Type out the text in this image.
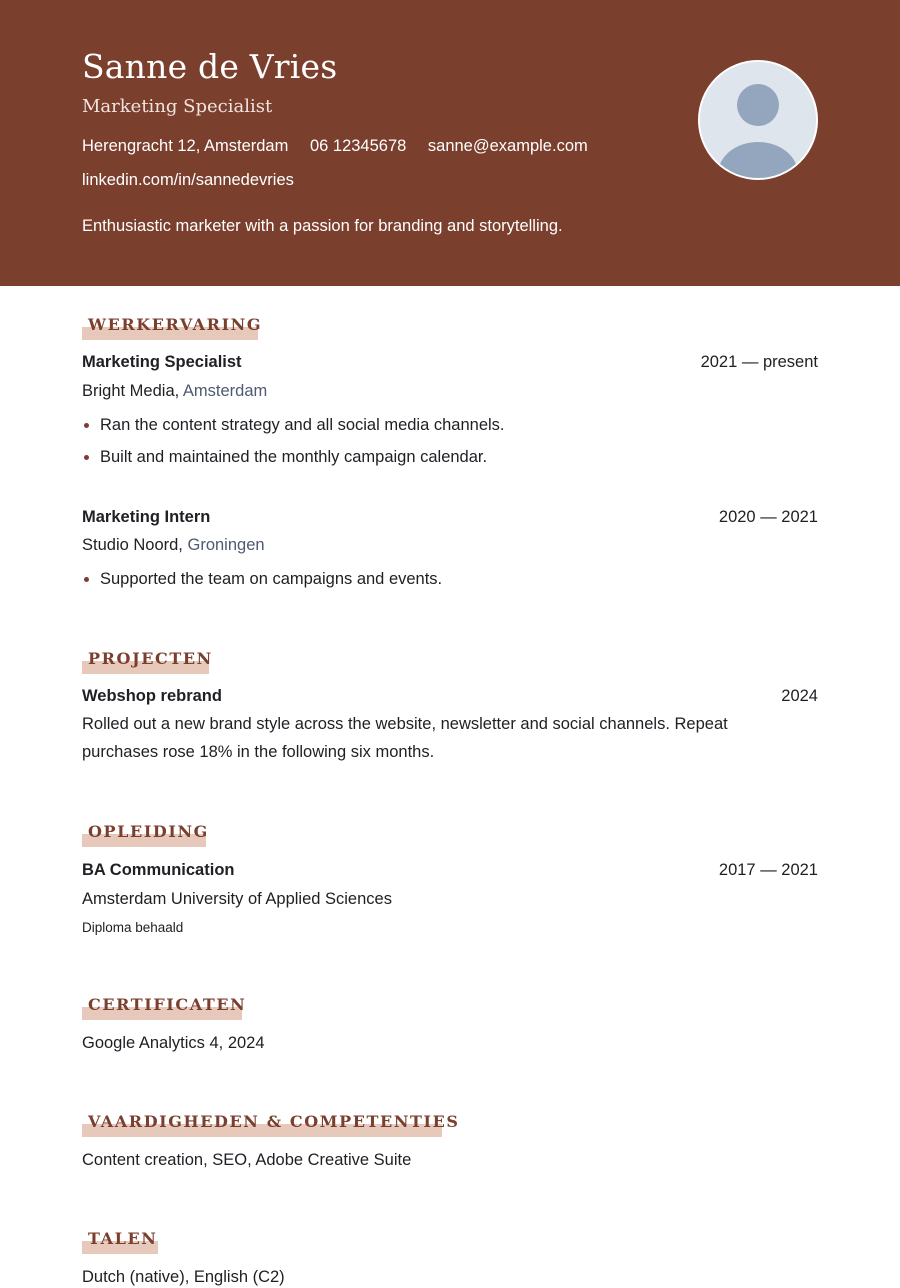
Sanne de Vries
Marketing Specialist
Herengracht 12, Amsterdam 06 12345678 sanne@example.com
linkedin.com/in/sannedevries
Enthusiastic marketer with a passion for branding and storytelling.
WERKERVARING
Marketing Specialist	2021 — present
Bright Media, Amsterdam
Ran the content strategy and all social media channels.
Built and maintained the monthly campaign calendar.
Marketing Intern	2020 — 2021
Studio Noord, Groningen
Supported the team on campaigns and events.
PROJECTEN
Webshop rebrand	2024
Rolled out a new brand style across the website, newsletter and social channels. Repeat purchases rose 18% in the following six months.
OPLEIDING
BA Communication	2017 — 2021
Amsterdam University of Applied Sciences
Diploma behaald
CERTIFICATEN
Google Analytics 4, 2024
VAARDIGHEDEN & COMPETENTIES
Content creation, SEO, Adobe Creative Suite
TALEN
Dutch (native), English (C2)
